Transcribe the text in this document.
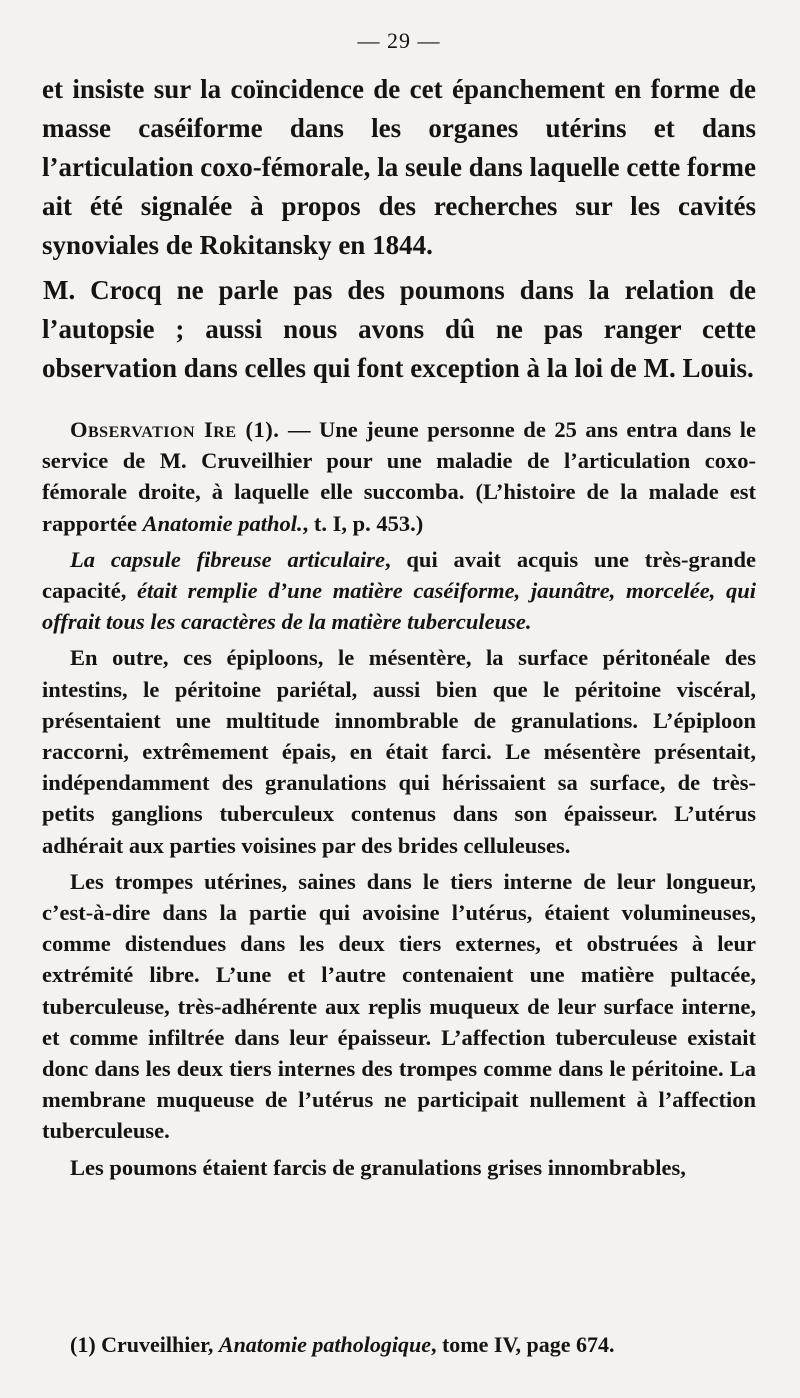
— 29 —

et insiste sur la coïncidence de cet épanchement en forme de masse caséiforme dans les organes utérins et dans l’articulation coxo-fémorale, la seule dans laquelle cette forme ait été signalée à propos des recherches sur les cavités synoviales de Rokitansky en 1844.

M. Crocq ne parle pas des poumons dans la relation de l’autopsie ; aussi nous avons dû ne pas ranger cette observation dans celles qui font exception à la loi de M. Louis.

Observation Ire (1). — Une jeune personne de 25 ans entra dans le service de M. Cruveilhier pour une maladie de l’articulation coxo-fémorale droite, à laquelle elle succomba. (L’histoire de la malade est rapportée Anatomie pathol., t. I, p. 453.)

La capsule fibreuse articulaire, qui avait acquis une très-grande capacité, était remplie d’une matière caséiforme, jaunâtre, morcelée, qui offrait tous les caractères de la matière tuberculeuse.

En outre, ces épiploons, le mésentère, la surface péritonéale des intestins, le péritoine pariétal, aussi bien que le péritoine viscéral, présentaient une multitude innombrable de granulations. L’épiploon raccorni, extrêmement épais, en était farci. Le mésentère présentait, indépendamment des granulations qui hérissaient sa surface, de très-petits ganglions tuberculeux contenus dans son épaisseur. L’utérus adhérait aux parties voisines par des brides celluleuses.

Les trompes utérines, saines dans le tiers interne de leur longueur, c’est-à-dire dans la partie qui avoisine l’utérus, étaient volumineuses, comme distendues dans les deux tiers externes, et obstruées à leur extrémité libre. L’une et l’autre contenaient une matière pultacée, tuberculeuse, très-adhérente aux replis muqueux de leur surface interne, et comme infiltrée dans leur épaisseur. L’affection tuberculeuse existait donc dans les deux tiers internes des trompes comme dans le péritoine. La membrane muqueuse de l’utérus ne participait nullement à l’affection tuberculeuse.

Les poumons étaient farcis de granulations grises innombrables,

(1) Cruveilhier, Anatomie pathologique, tome IV, page 674.
